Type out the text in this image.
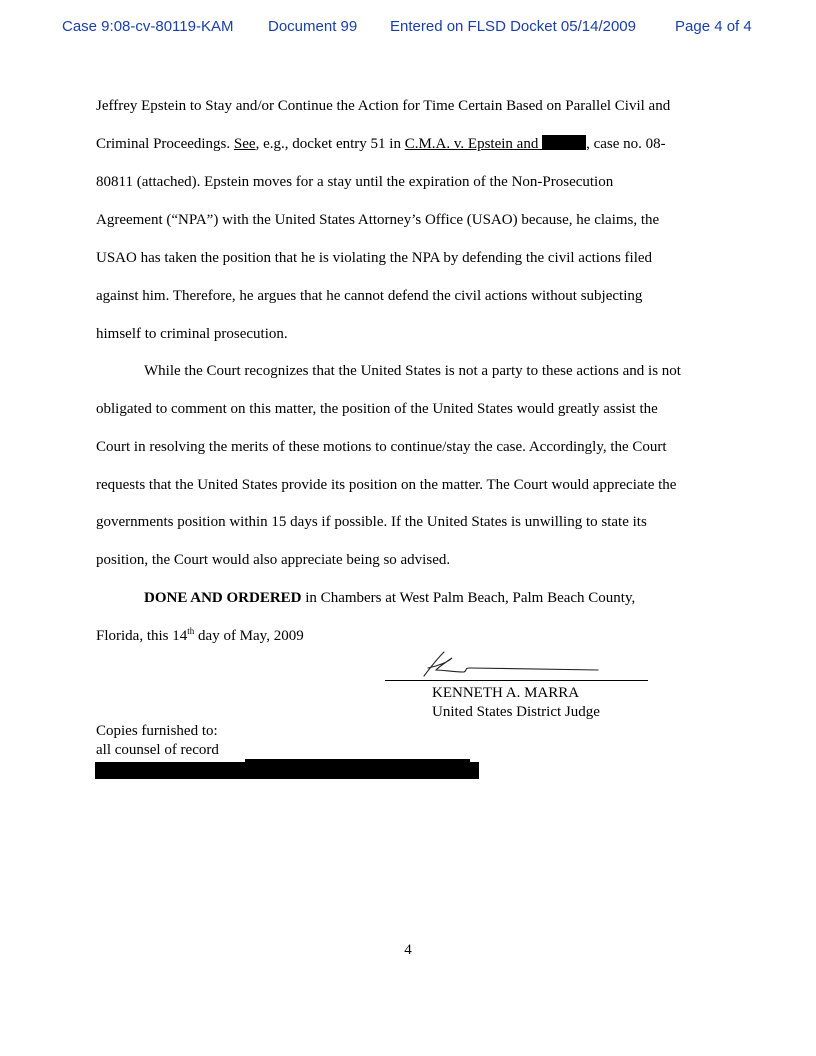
Case 9:08-cv-80119-KAM Document 99 Entered on FLSD Docket 05/14/2009	Page 4 of 4
Jeffrey Epstein to Stay and/or Continue the Action for Time Certain Based on Parallel Civil and
Criminal Proceedings. See, e.g., docket entry 51 in C.M.A. v. Epstein and	, case no. 08-
80811 (attached). Epstein moves for a stay until the expiration of the Non-Prosecution
Agreement (“NPA”) with the United States Attorney’s Office (USAO) because, he claims, the
USAO has taken the position that he is violating the NPA by defending the civil actions filed
against him. Therefore, he argues that he cannot defend the civil actions without subjecting
himself to criminal prosecution.
While the Court recognizes that the United States is not a party to these actions and is not
obligated to comment on this matter, the position of the United States would greatly assist the
Court in resolving the merits of these motions to continue/stay the case. Accordingly, the Court
requests that the United States provide its position on the matter. The Court would appreciate the
governments position within 15 days if possible. If the United States is unwilling to state its
position, the Court would also appreciate being so advised.
DONE AND ORDERED in Chambers at West Palm Beach, Palm Beach County,
Florida, this 14th day of May, 2009
KENNETH A. MARRA
United States District Judge
Copies furnished to:
all counsel of record
4
